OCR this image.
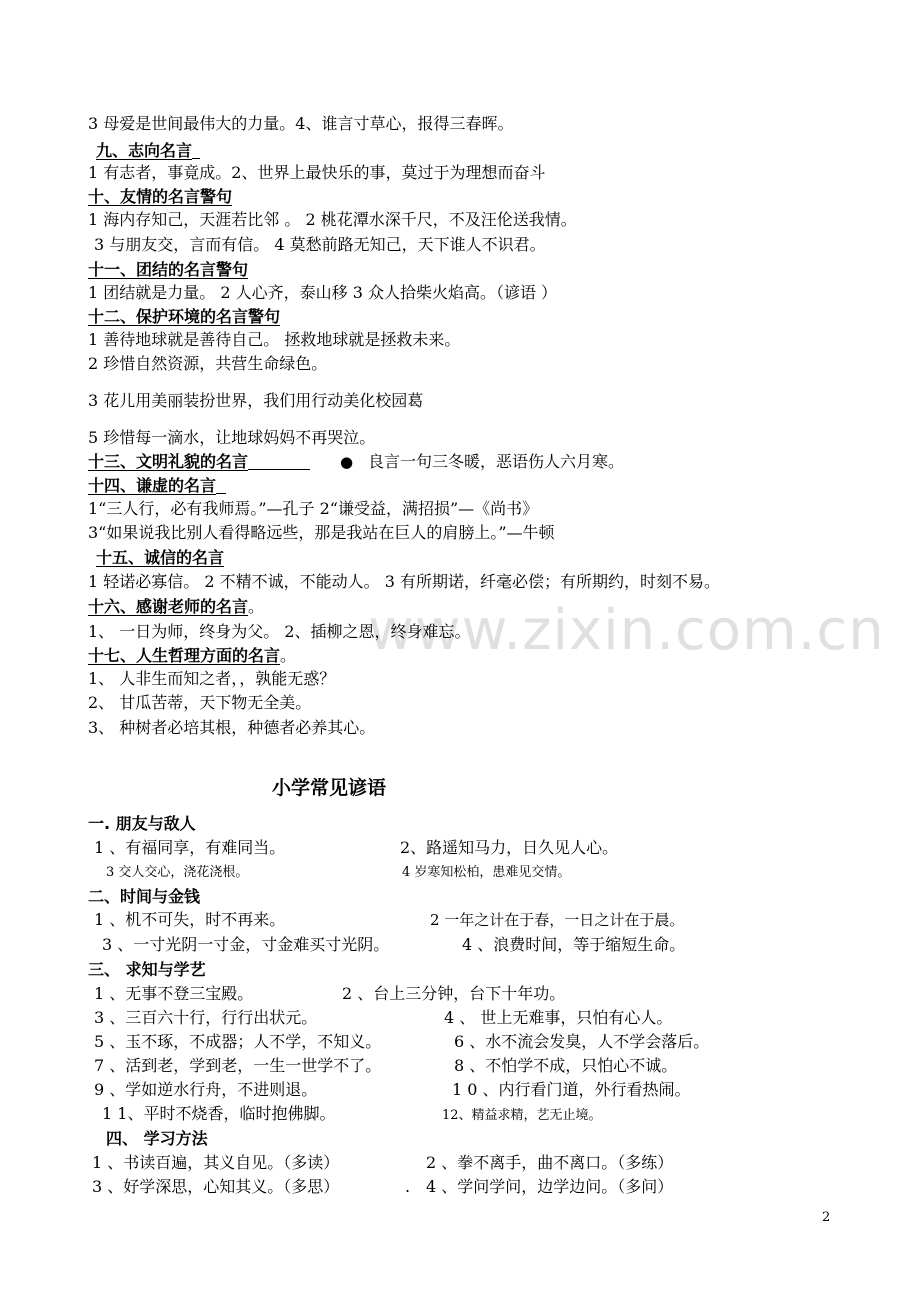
www.zixin.com.cn
3 母爱是世间最伟大的力量。4、谁言寸草心，报得三春晖。
九、志向名言
1 有志者，事竟成。2、世界上最快乐的事，莫过于为理想而奋斗
十、友情的名言警句
1 海内存知己，天涯若比邻 。 2 桃花潭水深千尺，不及汪伦送我情。
3 与朋友交，言而有信。 4 莫愁前路无知己，天下谁人不识君。
十一、团结的名言警句
1 团结就是力量。 2 人心齐，泰山移 3 众人拾柴火焰高。（谚语 ）
十二、保护环境的名言警句
1 善待地球就是善待自己。 拯救地球就是拯救未来。
2 珍惜自然资源，共营生命绿色。
3 花儿用美丽装扮世界，我们用行动美化校园葛
5 珍惜每一滴水，让地球妈妈不再哭泣。
十三、文明礼貌的名言	● 良言一句三冬暖，恶语伤人六月寒。
十四、谦虚的名言
1“三人行，必有我师焉。”—孔子 2“谦受益，满招损”—《尚书》
3“如果说我比别人看得略远些，那是我站在巨人的肩膀上。”—牛顿
十五、诚信的名言
1 轻诺必寡信。 2 不精不诚，不能动人。 3 有所期诺，纤毫必偿；有所期约，时刻不易。
十六、感谢老师的名言。
1、 一日为师，终身为父。 2、插柳之恩，终身难忘。
十七、人生哲理方面的名言。
1、 人非生而知之者，，孰能无惑？
2、 甘瓜苦蒂，天下物无全美。
3、 种树者必培其根，种德者必养其心。
小学常见谚语
一. 朋友与敌人
1 、有福同享，有难同当。	2、路遥知马力，日久见人心。
3 交人交心，浇花浇根。	4 岁寒知松柏，患难见交情。
二、时间与金钱
1 、机不可失，时不再来。	2 一年之计在于春，一日之计在于晨。
3 、一寸光阴一寸金，寸金难买寸光阴。	4 、浪费时间，等于缩短生命。
三、 求知与学艺
1 、无事不登三宝殿。	2 、台上三分钟，台下十年功。
3 、三百六十行，行行出状元。	4 、 世上无难事，只怕有心人。
5 、玉不琢，不成器；人不学，不知义。	6 、水不流会发臭，人不学会落后。
7 、活到老，学到老，一生一世学不了。	8 、不怕学不成，只怕心不诚。
9 、学如逆水行舟，不进则退。	1 0 、内行看门道，外行看热闹。
1 1、平时不烧香，临时抱佛脚。	12、精益求精，艺无止境。
四、 学习方法
1 、书读百遍，其义自见。（多读）	2 、拳不离手，曲不离口。（多练）
3 、好学深思，心知其义。（多思）	. 4 、学问学问，边学边问。（多问）
2
